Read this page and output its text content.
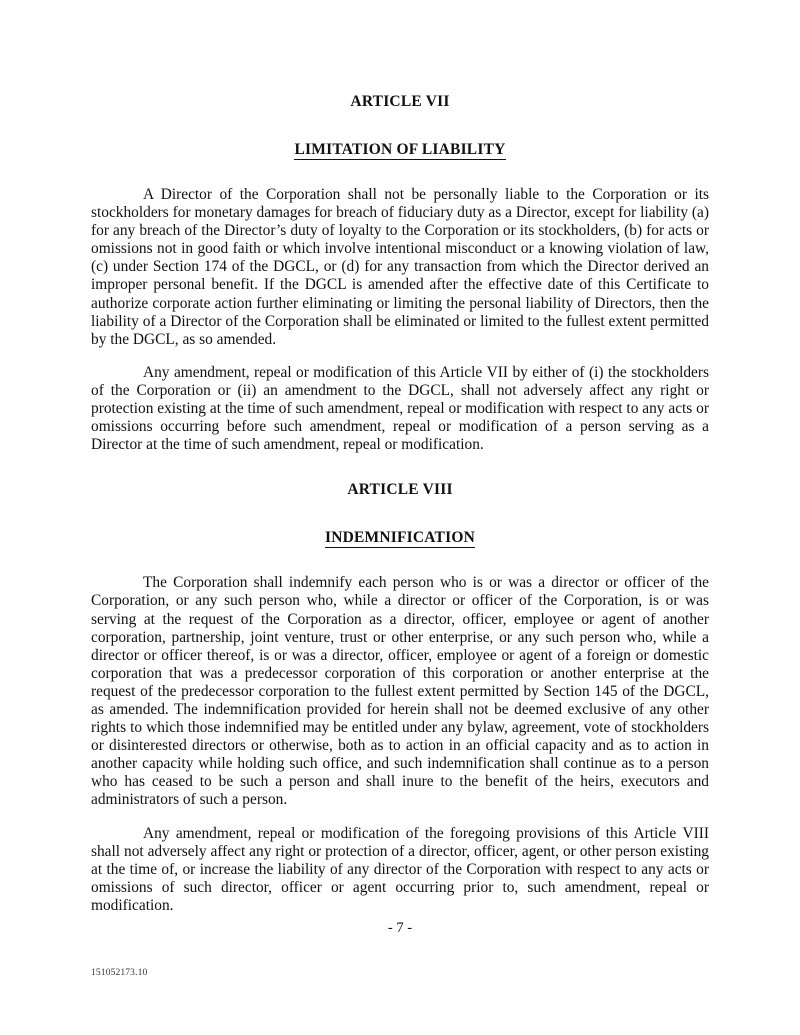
ARTICLE VII
LIMITATION OF LIABILITY

A Director of the Corporation shall not be personally liable to the Corporation or its stockholders for monetary damages for breach of fiduciary duty as a Director, except for liability (a) for any breach of the Director’s duty of loyalty to the Corporation or its stockholders, (b) for acts or omissions not in good faith or which involve intentional misconduct or a knowing violation of law, (c) under Section 174 of the DGCL, or (d) for any transaction from which the Director derived an improper personal benefit. If the DGCL is amended after the effective date of this Certificate to authorize corporate action further eliminating or limiting the personal liability of Directors, then the liability of a Director of the Corporation shall be eliminated or limited to the fullest extent permitted by the DGCL, as so amended.

Any amendment, repeal or modification of this Article VII by either of (i) the stockholders of the Corporation or (ii) an amendment to the DGCL, shall not adversely affect any right or protection existing at the time of such amendment, repeal or modification with respect to any acts or omissions occurring before such amendment, repeal or modification of a person serving as a Director at the time of such amendment, repeal or modification.

ARTICLE VIII
INDEMNIFICATION

The Corporation shall indemnify each person who is or was a director or officer of the Corporation, or any such person who, while a director or officer of the Corporation, is or was serving at the request of the Corporation as a director, officer, employee or agent of another corporation, partnership, joint venture, trust or other enterprise, or any such person who, while a director or officer thereof, is or was a director, officer, employee or agent of a foreign or domestic corporation that was a predecessor corporation of this corporation or another enterprise at the request of the predecessor corporation to the fullest extent permitted by Section 145 of the DGCL, as amended. The indemnification provided for herein shall not be deemed exclusive of any other rights to which those indemnified may be entitled under any bylaw, agreement, vote of stockholders or disinterested directors or otherwise, both as to action in an official capacity and as to action in another capacity while holding such office, and such indemnification shall continue as to a person who has ceased to be such a person and shall inure to the benefit of the heirs, executors and administrators of such a person.

Any amendment, repeal or modification of the foregoing provisions of this Article VIII shall not adversely affect any right or protection of a director, officer, agent, or other person existing at the time of, or increase the liability of any director of the Corporation with respect to any acts or omissions of such director, officer or agent occurring prior to, such amendment, repeal or modification.

- 7 -
151052173.10
